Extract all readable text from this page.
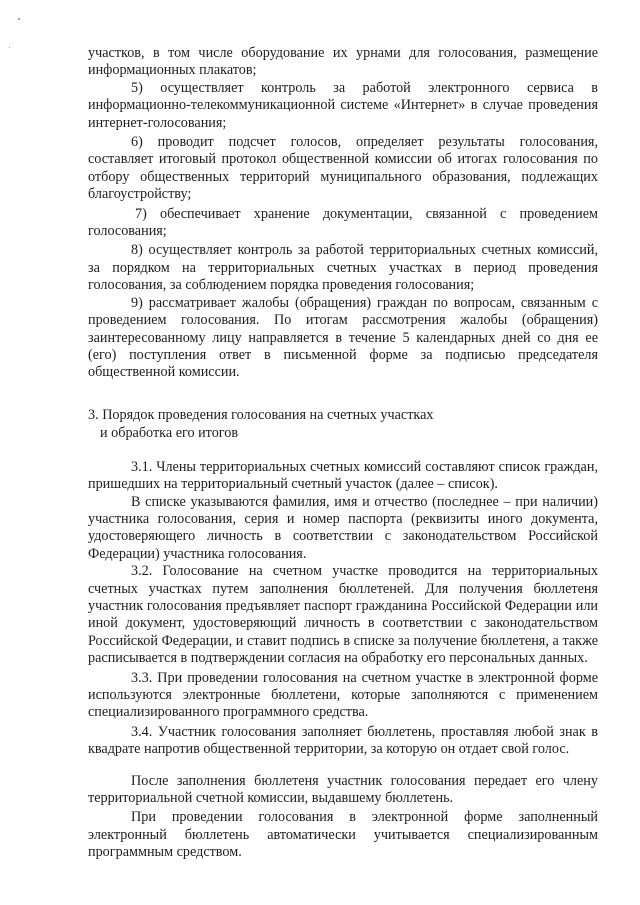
участков, в том числе оборудование их урнами для голосования, размещение информационных плакатов;

5) осуществляет контроль за работой электронного сервиса в информационно-телекоммуникационной системе «Интернет» в случае проведения интернет-голосования;

6) проводит подсчет голосов, определяет результаты голосования, составляет итоговый протокол общественной комиссии об итогах голосования по отбору общественных территорий муниципального образования, подлежащих благоустройству;

7) обеспечивает хранение документации, связанной с проведением голосования;

8) осуществляет контроль за работой территориальных счетных комиссий, за порядком на территориальных счетных участках в период проведения голосования, за соблюдением порядка проведения голосования;

9) рассматривает жалобы (обращения) граждан по вопросам, связанным с проведением голосования. По итогам рассмотрения жалобы (обращения) заинтересованному лицу направляется в течение 5 календарных дней со дня ее (его) поступления ответ в письменной форме за подписью председателя общественной комиссии.

3. Порядок проведения голосования на счетных участках

и обработка его итогов

3.1. Члены территориальных счетных комиссий составляют список граждан, пришедших на территориальный счетный участок (далее – список).

В списке указываются фамилия, имя и отчество (последнее – при наличии) участника голосования, серия и номер паспорта (реквизиты иного документа, удостоверяющего личность в соответствии с законодательством Российской Федерации) участника голосования.

3.2. Голосование на счетном участке проводится на территориальных счетных участках путем заполнения бюллетеней. Для получения бюллетеня участник голосования предъявляет паспорт гражданина Российской Федерации или иной документ, удостоверяющий личность в соответствии с законодательством Российской Федерации, и ставит подпись в списке за получение бюллетеня, а также расписывается в подтверждении согласия на обработку его персональных данных.

3.3. При проведении голосования на счетном участке в электронной форме используются электронные бюллетени, которые заполняются с применением специализированного программного средства.

3.4. Участник голосования заполняет бюллетень, проставляя любой знак в квадрате напротив общественной территории, за которую он отдает свой голос.

После заполнения бюллетеня участник голосования передает его члену территориальной счетной комиссии, выдавшему бюллетень.

При проведении голосования в электронной форме заполненный электронный бюллетень автоматически учитывается специализированным программным средством.
